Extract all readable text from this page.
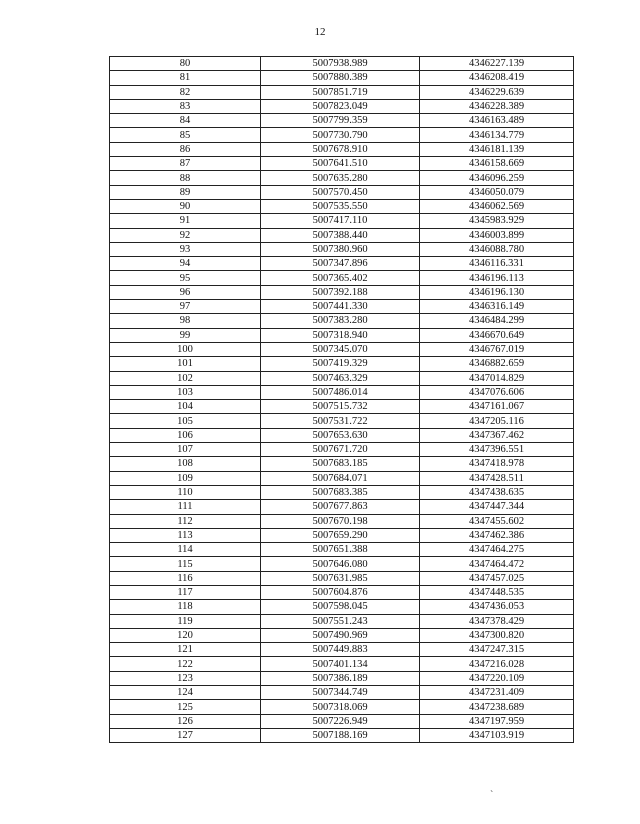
12
80	5007938.989	4346227.139
81	5007880.389	4346208.419
82	5007851.719	4346229.639
83	5007823.049	4346228.389
84	5007799.359	4346163.489
85	5007730.790	4346134.779
86	5007678.910	4346181.139
87	5007641.510	4346158.669
88	5007635.280	4346096.259
89	5007570.450	4346050.079
90	5007535.550	4346062.569
91	5007417.110	4345983.929
92	5007388.440	4346003.899
93	5007380.960	4346088.780
94	5007347.896	4346116.331
95	5007365.402	4346196.113
96	5007392.188	4346196.130
97	5007441.330	4346316.149
98	5007383.280	4346484.299
99	5007318.940	4346670.649
100	5007345.070	4346767.019
101	5007419.329	4346882.659
102	5007463.329	4347014.829
103	5007486.014	4347076.606
104	5007515.732	4347161.067
105	5007531.722	4347205.116
106	5007653.630	4347367.462
107	5007671.720	4347396.551
108	5007683.185	4347418.978
109	5007684.071	4347428.511
110	5007683.385	4347438.635
111	5007677.863	4347447.344
112	5007670.198	4347455.602
113	5007659.290	4347462.386
114	5007651.388	4347464.275
115	5007646.080	4347464.472
116	5007631.985	4347457.025
117	5007604.876	4347448.535
118	5007598.045	4347436.053
119	5007551.243	4347378.429
120	5007490.969	4347300.820
121	5007449.883	4347247.315
122	5007401.134	4347216.028
123	5007386.189	4347220.109
124	5007344.749	4347231.409
125	5007318.069	4347238.689
126	5007226.949	4347197.959
127	5007188.169	4347103.919
`
